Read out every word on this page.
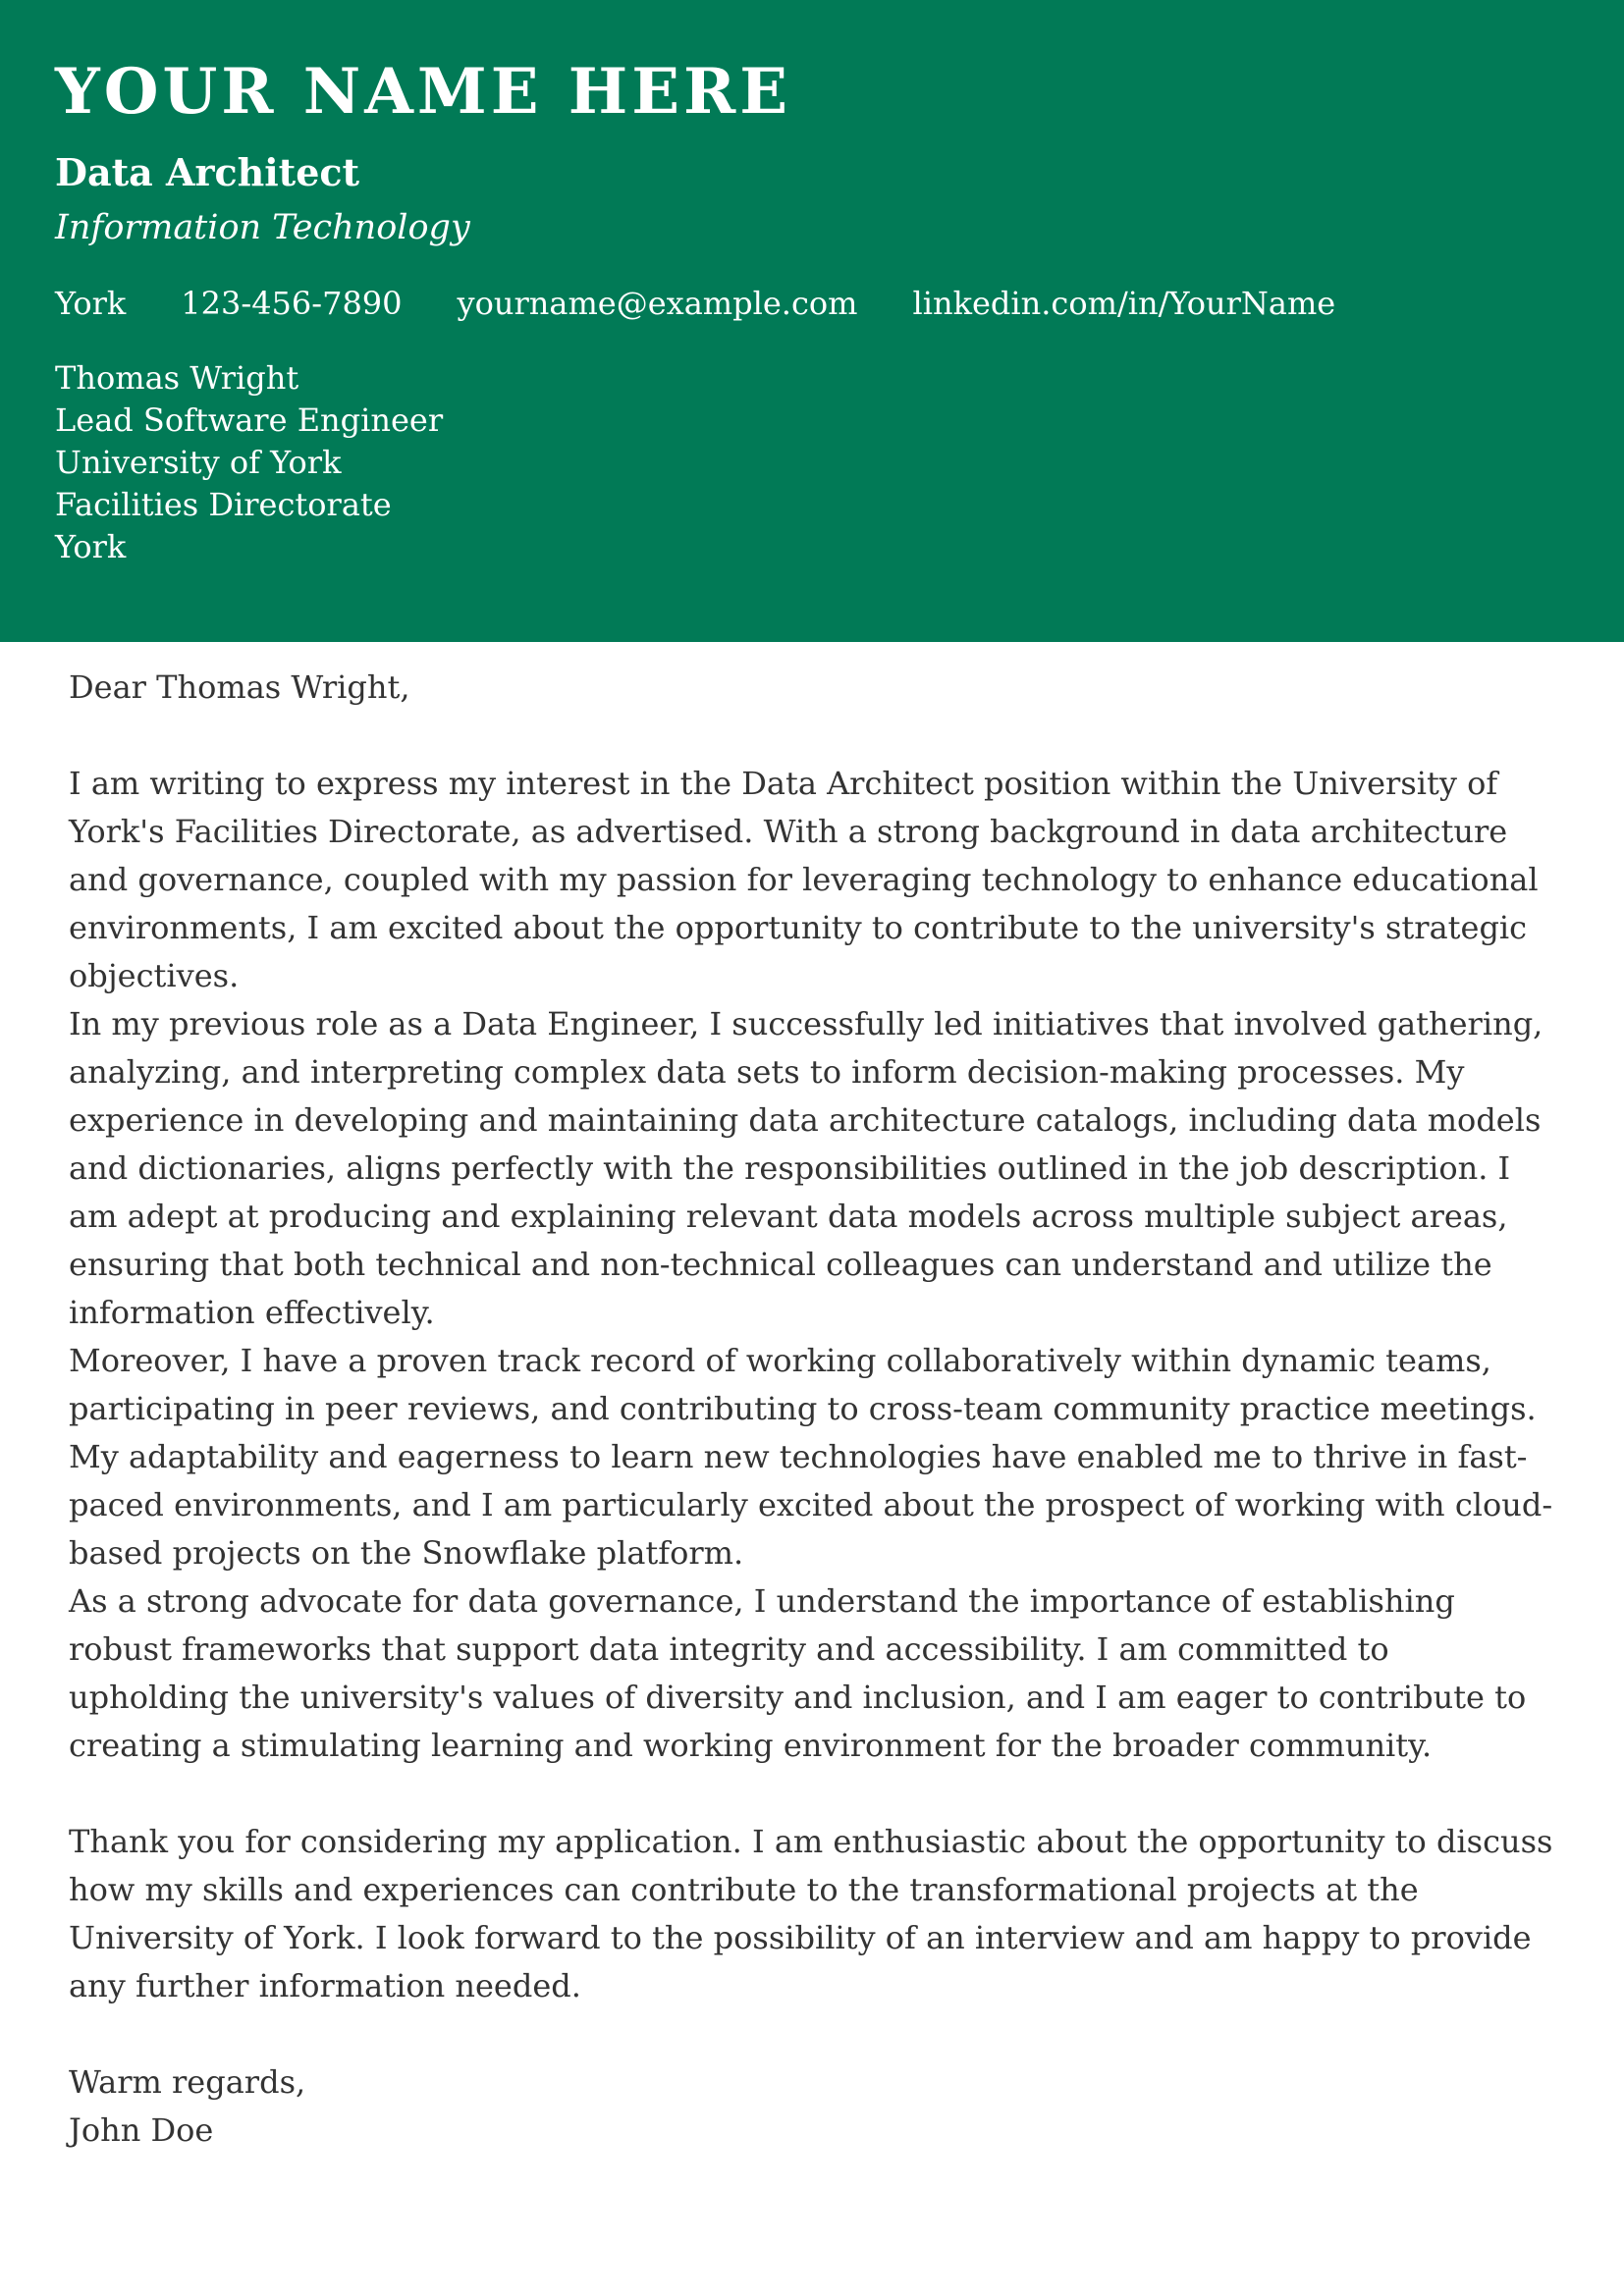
YOUR NAME HERE
Data Architect
Information Technology
York 123-456-7890 yourname@example.com linkedin.com/in/YourName
Thomas Wright
Lead Software Engineer
University of York
Facilities Directorate
York

Dear Thomas Wright,

I am writing to express my interest in the Data Architect position within the University of York's Facilities Directorate, as advertised. With a strong background in data architecture and governance, coupled with my passion for leveraging technology to enhance educational environments, I am excited about the opportunity to contribute to the university's strategic objectives.

In my previous role as a Data Engineer, I successfully led initiatives that involved gathering, analyzing, and interpreting complex data sets to inform decision-making processes. My experience in developing and maintaining data architecture catalogs, including data models and dictionaries, aligns perfectly with the responsibilities outlined in the job description. I am adept at producing and explaining relevant data models across multiple subject areas, ensuring that both technical and non-technical colleagues can understand and utilize the information effectively.

Moreover, I have a proven track record of working collaboratively within dynamic teams, participating in peer reviews, and contributing to cross-team community practice meetings. My adaptability and eagerness to learn new technologies have enabled me to thrive in fast-paced environments, and I am particularly excited about the prospect of working with cloud-based projects on the Snowflake platform.

As a strong advocate for data governance, I understand the importance of establishing robust frameworks that support data integrity and accessibility. I am committed to upholding the university's values of diversity and inclusion, and I am eager to contribute to creating a stimulating learning and working environment for the broader community.

Thank you for considering my application. I am enthusiastic about the opportunity to discuss how my skills and experiences can contribute to the transformational projects at the University of York. I look forward to the possibility of an interview and am happy to provide any further information needed.

Warm regards,
John Doe
